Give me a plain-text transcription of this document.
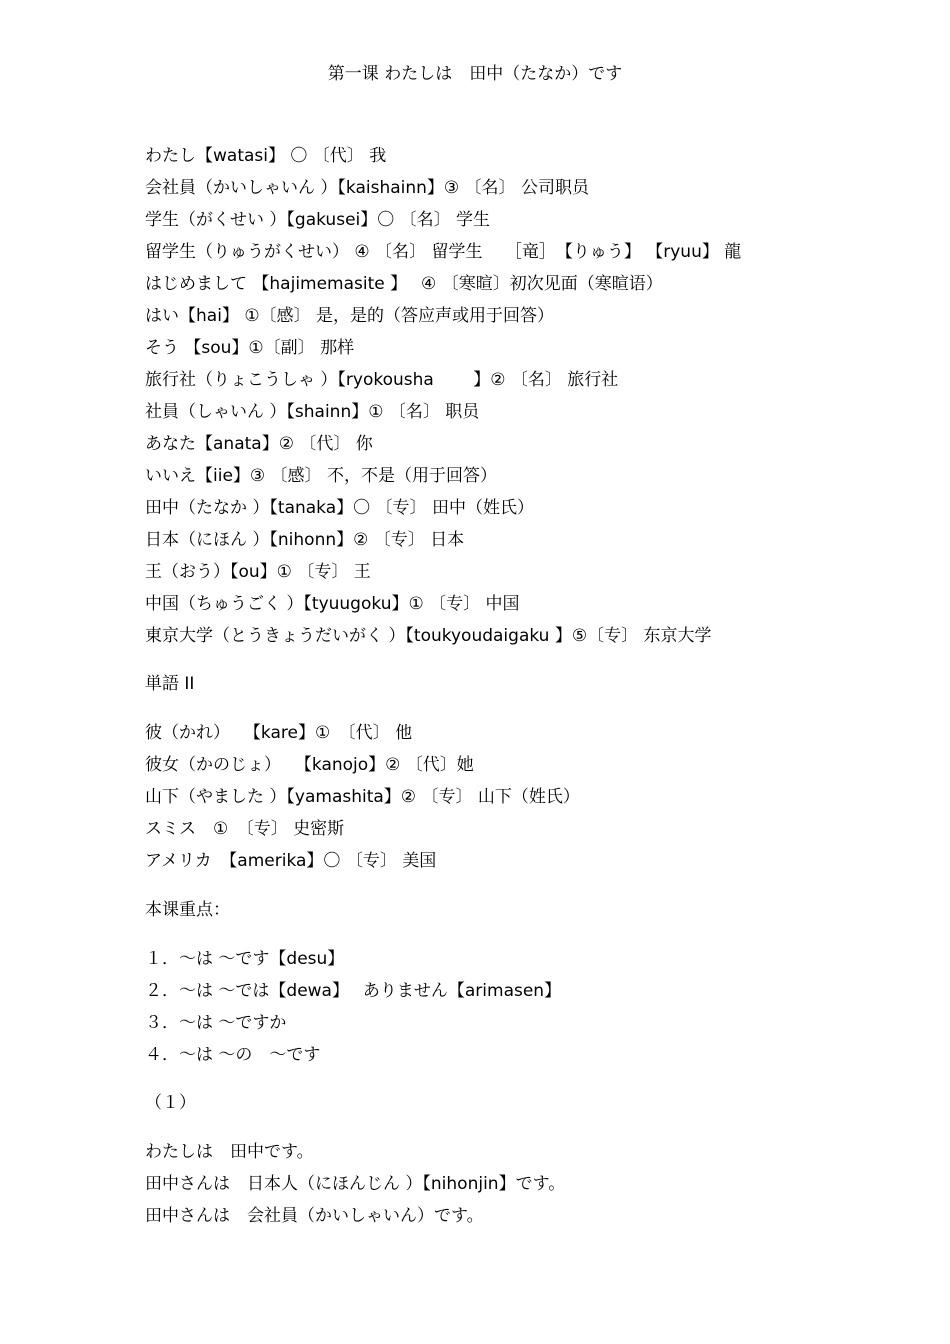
第一课 わたしは　田中（たなか）です
わたし【watasi】 〇 〔代〕 我
会社員（かいしゃいん ）【kaishainn】③ 〔名〕 公司职员
学生（がくせい ）【gakusei】〇 〔名〕 学生
留学生（りゅうがくせい） ④ 〔名〕 留学生　 ［竜］　【りゅう】 【ryuu】 龍
はじめまして 【hajimemasite 】　 ④ 〔寒暄〕初次见面（寒暄语）
はい【hai】 ①〔感〕 是，是的（答应声或用于回答）
そう 【sou】①〔副〕 那样
旅行社（りょこうしゃ ）【ryokousha　　 】② 〔名〕 旅行社
社員（しゃいん ）【shainn】① 〔名〕 职员
あなた【anata】② 〔代〕 你
いいえ【iie】③ 〔感〕 不，不是（用于回答）
田中（たなか ）【tanaka】〇 〔专〕 田中（姓氏）
日本（にほん ）【nihonn】② 〔专〕 日本
王（おう）【ou】① 〔专〕 王
中国（ちゅうごく ）【tyuugoku】① 〔专〕 中国
東京大学（とうきょうだいがく ）【toukyoudaigaku 】⑤〔专〕 东京大学
単語 II
彼（かれ）　 【kare】①　〔代〕 他
彼女（かのじょ）　 【kanojo】② 〔代〕她
山下（やました ）【yamashita】② 〔专〕 山下（姓氏）
スミス　①　〔专〕 史密斯
アメリカ　【amerika】〇 〔专〕 美国
本课重点：
１．～は ～です【desu】
２．～は ～では【dewa】　 ありません【arimasen】
３．～は ～ですか
４．～は ～の　～です
（１）
わたしは　田中です。
田中さんは　日本人（にほんじん ）【nihonjin】です。
田中さんは　会社員（かいしゃいん）です。
